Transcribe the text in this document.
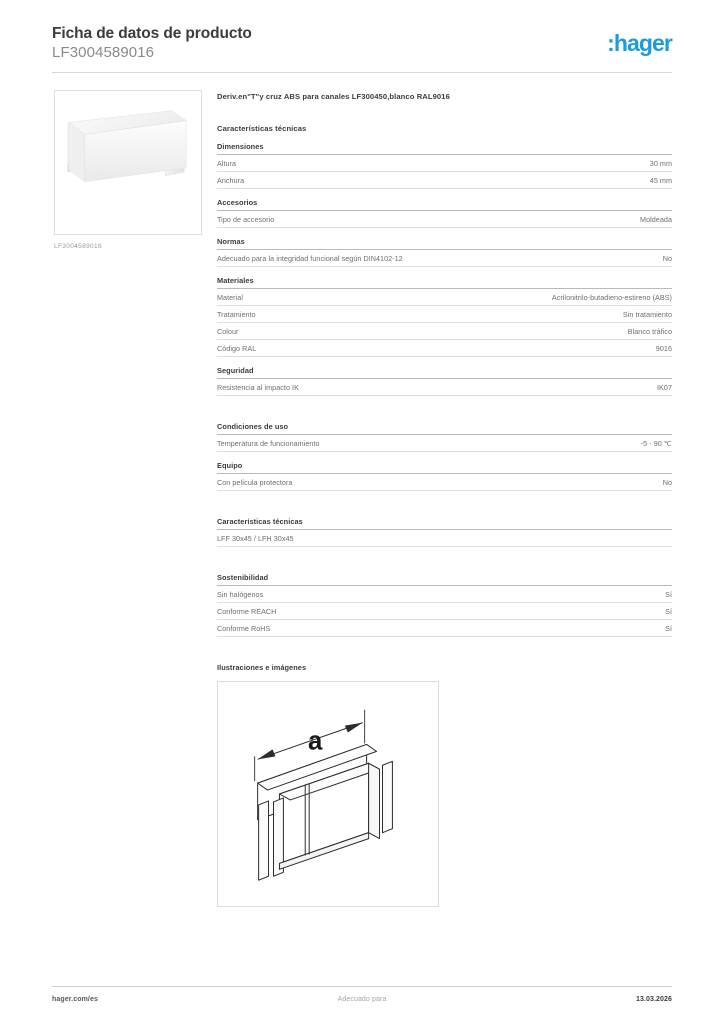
Ficha de datos de producto
LF3004589016	:hager
LF3004589016
Deriv.en"T"y cruz ABS para canales LF300450,blanco RAL9016
Características técnicas
Dimensiones
Altura	30 mm
Anchura	45 mm
Accesorios
Tipo de accesorio	Moldeada
Normas
Adecuado para la integridad funcional según DIN4102-12	No
Materiales
Material	Acrilonitrilo-butadieno-estireno (ABS)
Tratamiento	Sin tratamiento
Colour	Blanco tráfico
Código RAL	9016
Seguridad
Resistencia al impacto IK	IK07
Condiciones de uso
Temperatura de funcionamiento	-5 - 90 ℃
Equipo
Con película protectora	No
Características técnicas
LFF 30x45 / LFH 30x45
Sostenibilidad
Sin halógenos	Sí
Conforme REACH	Sí
Conforme RoHS	Sí
Ilustraciones e imágenes
a
hager.com/es	Adecuado para	13.03.2026
